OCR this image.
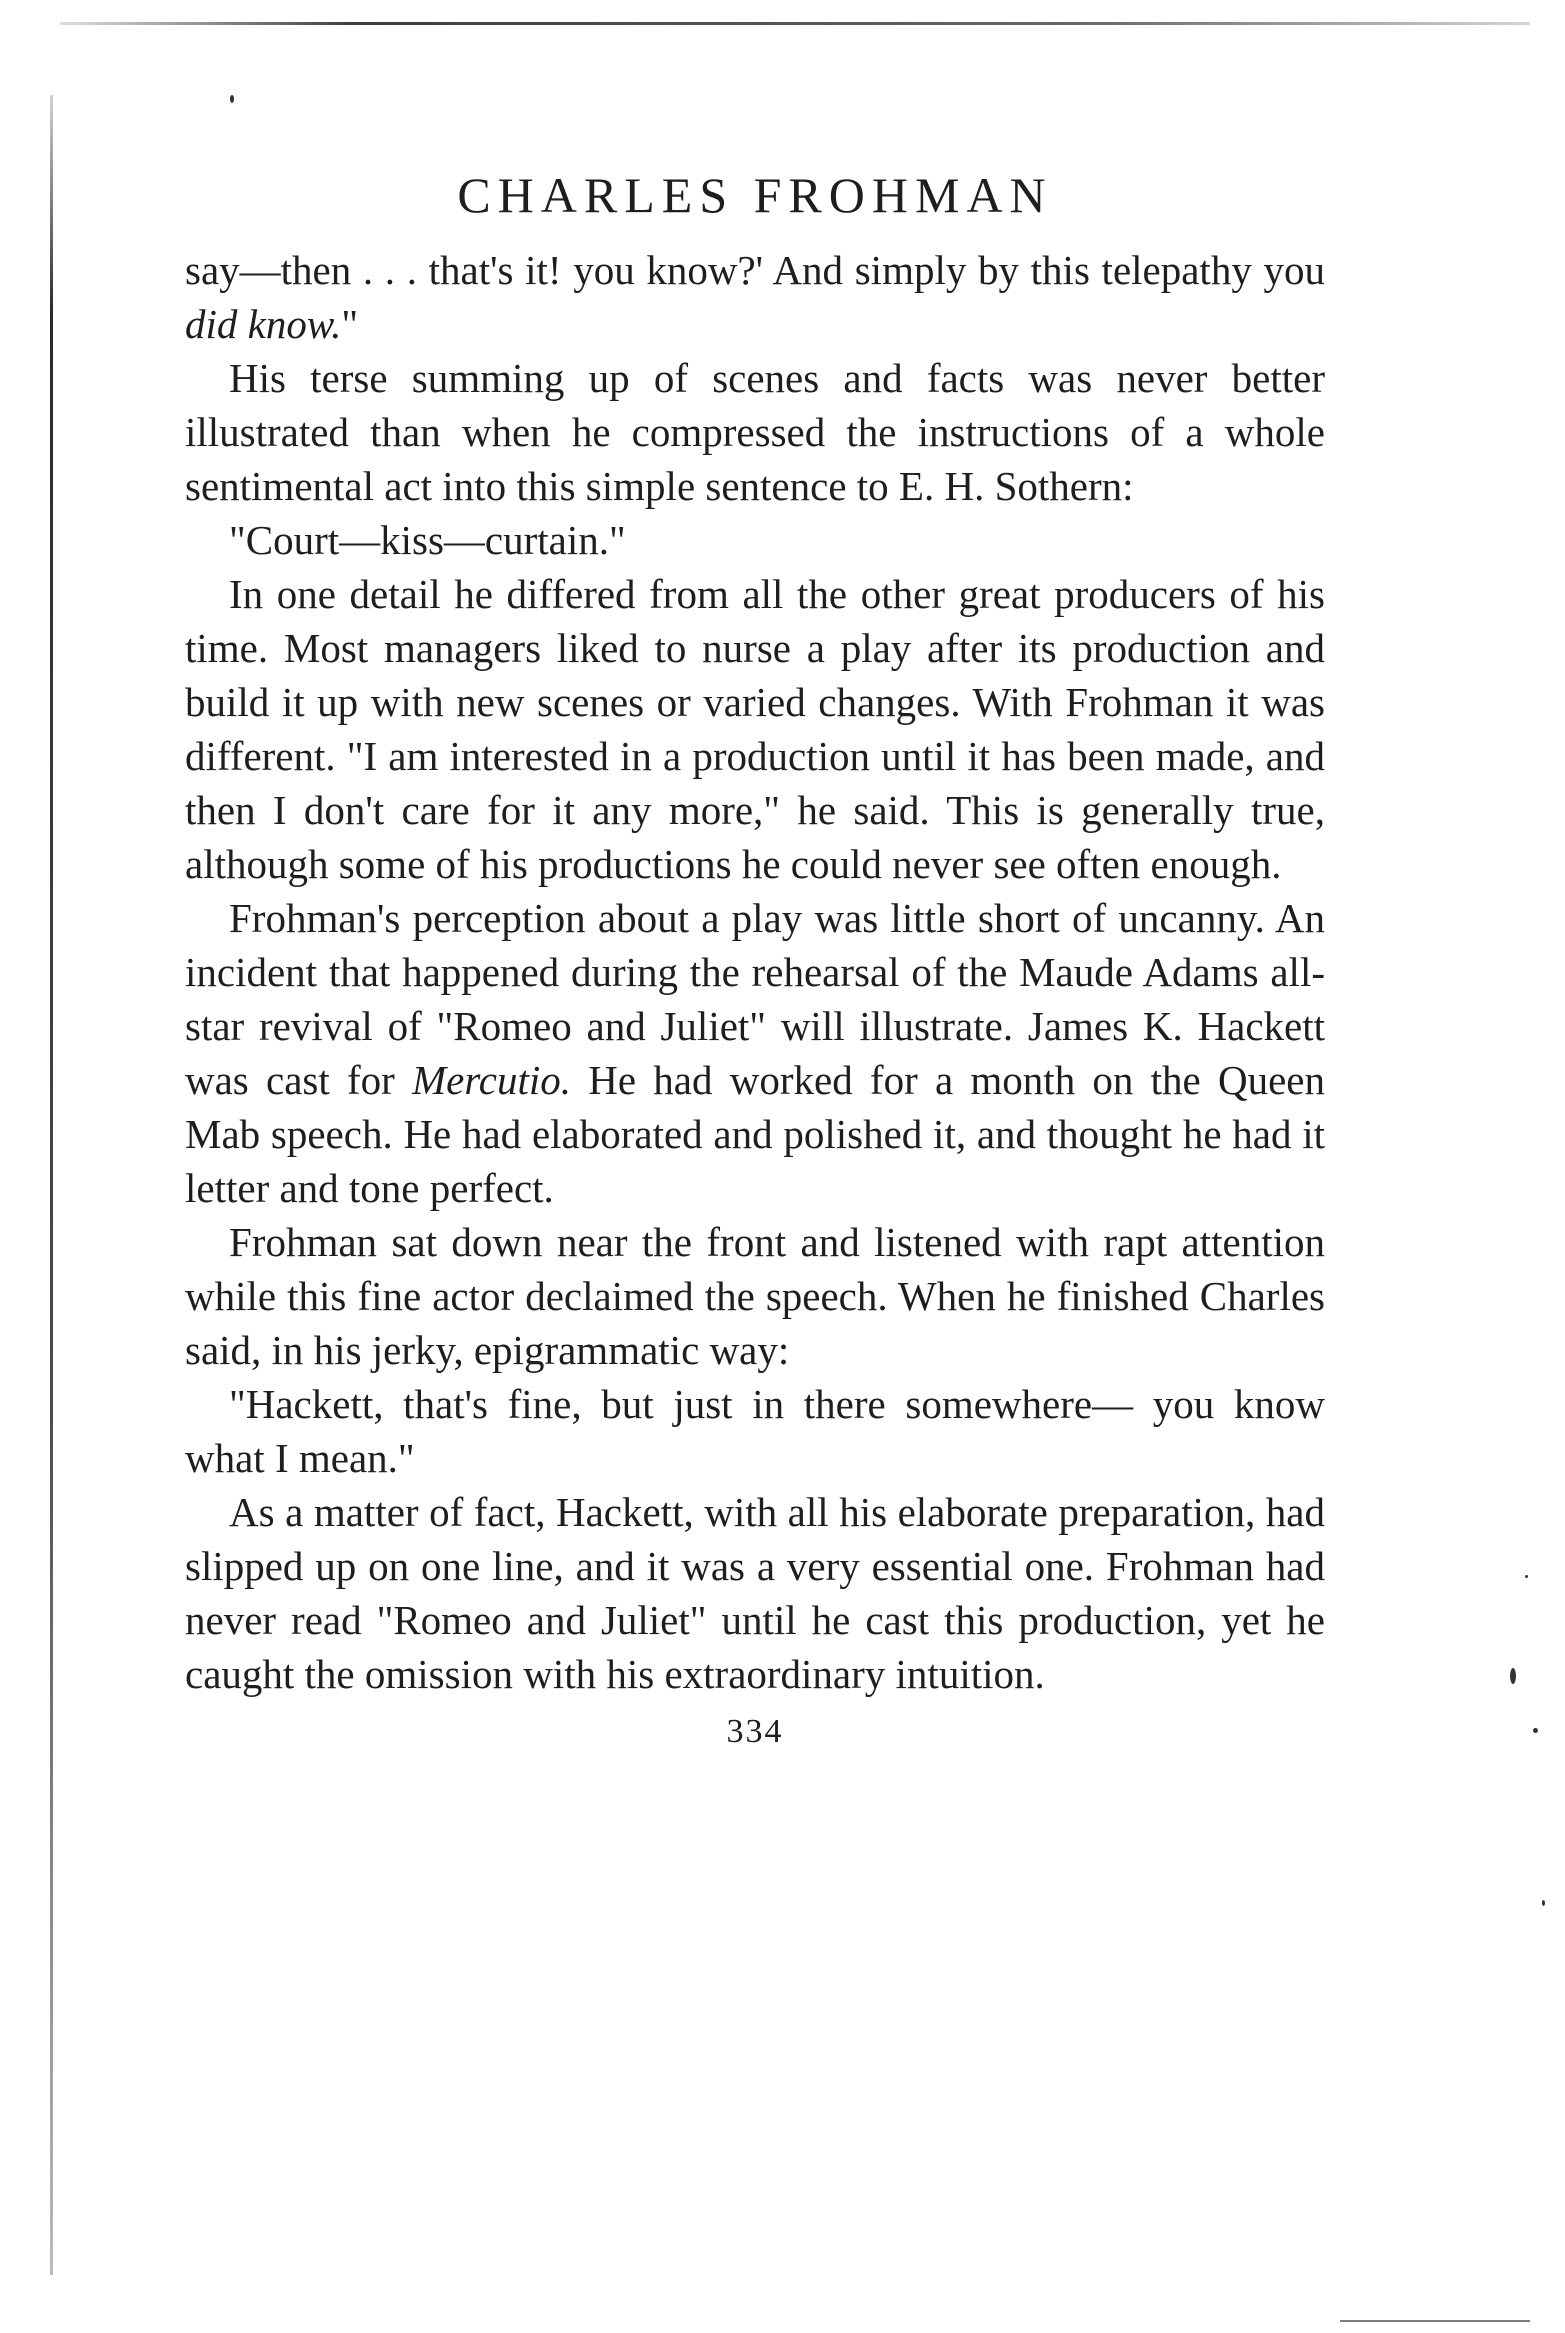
CHARLES FROHMAN

say—then . . . that's it! you know?' And simply by this telepathy you did know."

His terse summing up of scenes and facts was never better illustrated than when he compressed the instructions of a whole sentimental act into this simple sentence to E. H. Sothern:

"Court—kiss—curtain."

In one detail he differed from all the other great producers of his time. Most managers liked to nurse a play after its production and build it up with new scenes or varied changes. With Frohman it was different. "I am interested in a production until it has been made, and then I don't care for it any more," he said. This is generally true, although some of his productions he could never see often enough.

Frohman's perception about a play was little short of uncanny. An incident that happened during the rehearsal of the Maude Adams all-star revival of "Romeo and Juliet" will illustrate. James K. Hackett was cast for Mercutio. He had worked for a month on the Queen Mab speech. He had elaborated and polished it, and thought he had it letter and tone perfect.

Frohman sat down near the front and listened with rapt attention while this fine actor declaimed the speech. When he finished Charles said, in his jerky, epigrammatic way:

"Hackett, that's fine, but just in there somewhere— you know what I mean."

As a matter of fact, Hackett, with all his elaborate preparation, had slipped up on one line, and it was a very essential one. Frohman had never read "Romeo and Juliet" until he cast this production, yet he caught the omission with his extraordinary intuition.

334
